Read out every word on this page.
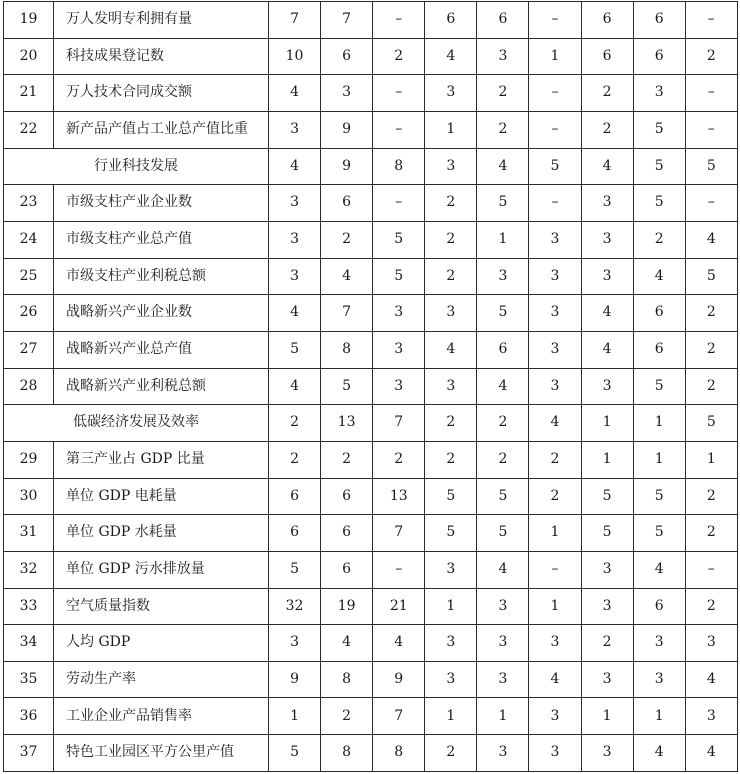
19	万人发明专利拥有量	7	7	–	6	6	–	6	6	–
20	科技成果登记数	10	6	2	4	3	1	6	6	2
21	万人技术合同成交额	4	3	–	3	2	–	2	3	–
22	新产品产值占工业总产值比重	3	9	–	1	2	–	2	5	–
行业科技发展		4	9	8	3	4	5	4	5	5
23	市级支柱产业企业数	3	6	–	2	5	–	3	5	–
24	市级支柱产业总产值	3	2	5	2	1	3	3	2	4
25	市级支柱产业利税总额	3	4	5	2	3	3	3	4	5
26	战略新兴产业企业数	4	7	3	3	5	3	4	6	2
27	战略新兴产业总产值	5	8	3	4	6	3	4	6	2
28	战略新兴产业利税总额	4	5	3	3	4	3	3	5	2
低碳经济发展及效率		2	13	7	2	2	4	1	1	5
29	第三产业占 GDP 比量	2	2	2	2	2	2	1	1	1
30	单位 GDP 电耗量	6	6	13	5	5	2	5	5	2
31	单位 GDP 水耗量	6	6	7	5	5	1	5	5	2
32	单位 GDP 污水排放量	5	6	–	3	4	–	3	4	–
33	空气质量指数	32	19	21	1	3	1	3	6	2
34	人均 GDP	3	4	4	3	3	3	2	3	3
35	劳动生产率	9	8	9	3	3	4	3	3	4
36	工业企业产品销售率	1	2	7	1	1	3	1	1	3
37	特色工业园区平方公里产值	5	8	8	2	3	3	3	4	4
